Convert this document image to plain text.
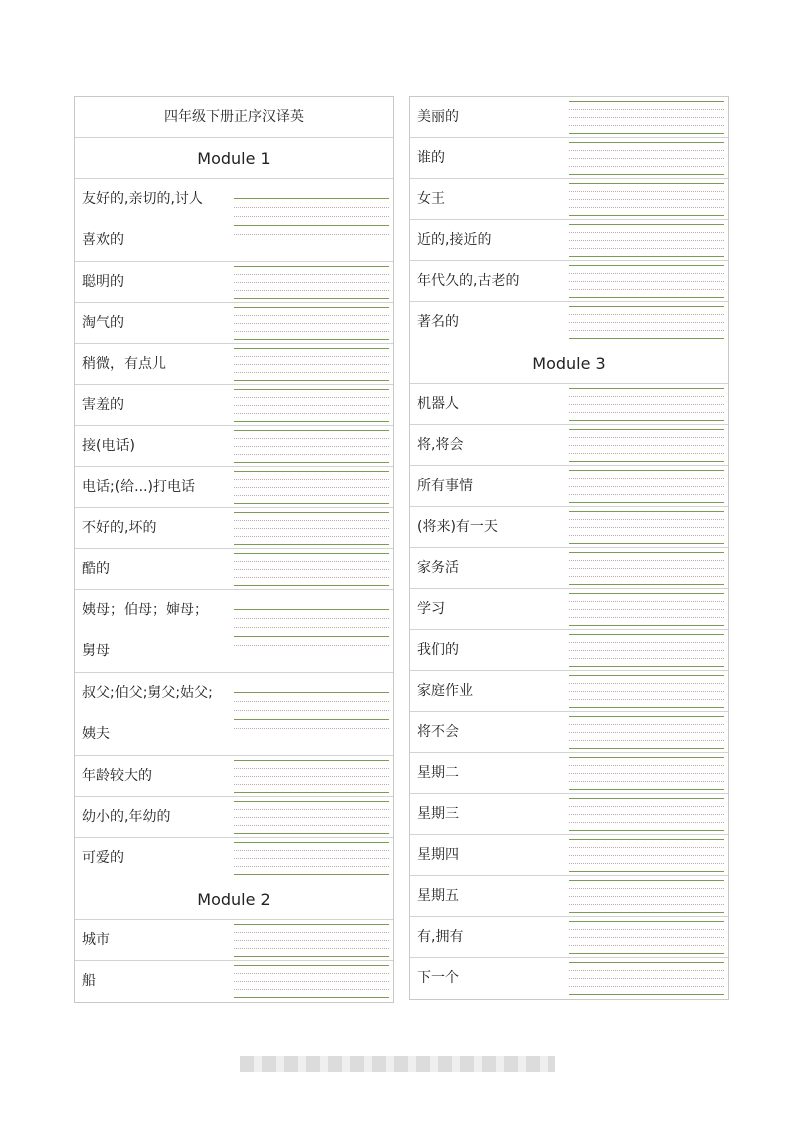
四年级下册正序汉译英
Module 1
友好的,亲切的,讨人
喜欢的
聪明的
淘气的
稍微，有点儿
害羞的
接(电话)
电话;(给...)打电话
不好的,坏的
酷的
姨母；伯母；婶母；
舅母
叔父;伯父;舅父;姑父;
姨夫
年龄较大的
幼小的,年幼的
可爱的
Module 2
城市
船
美丽的
谁的
女王
近的,接近的
年代久的,古老的
著名的
Module 3
机器人
将,将会
所有事情
(将来)有一天
家务活
学习
我们的
家庭作业
将不会
星期二
星期三
星期四
星期五
有,拥有
下一个
